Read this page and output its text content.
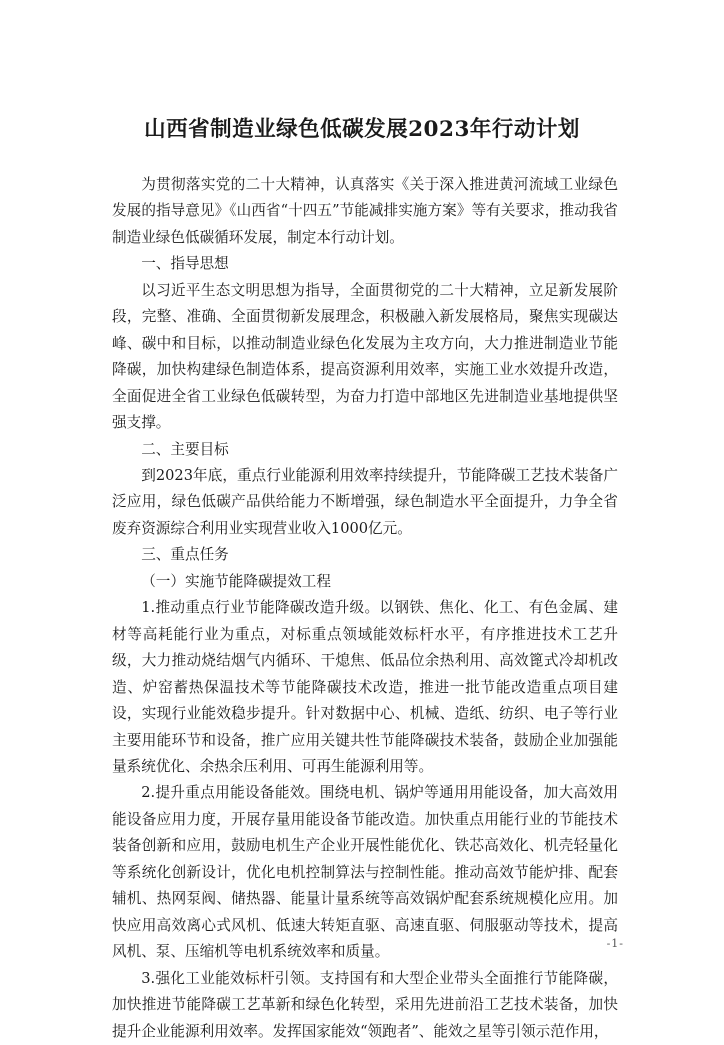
山西省制造业绿色低碳发展2023年行动计划

为贯彻落实党的二十大精神，认真落实《关于深入推进黄河流域工业绿色发展的指导意见》《山西省“十四五”节能减排实施方案》等有关要求，推动我省制造业绿色低碳循环发展，制定本行动计划。

一、指导思想

以习近平生态文明思想为指导，全面贯彻党的二十大精神，立足新发展阶段，完整、准确、全面贯彻新发展理念，积极融入新发展格局，聚焦实现碳达峰、碳中和目标，以推动制造业绿色化发展为主攻方向，大力推进制造业节能降碳，加快构建绿色制造体系，提高资源利用效率，实施工业水效提升改造，全面促进全省工业绿色低碳转型，为奋力打造中部地区先进制造业基地提供坚强支撑。

二、主要目标

到2023年底，重点行业能源利用效率持续提升，节能降碳工艺技术装备广泛应用，绿色低碳产品供给能力不断增强，绿色制造水平全面提升，力争全省废弃资源综合利用业实现营业收入1000亿元。

三、重点任务

（一）实施节能降碳提效工程

1.推动重点行业节能降碳改造升级。以钢铁、焦化、化工、有色金属、建材等高耗能行业为重点，对标重点领域能效标杆水平，有序推进技术工艺升级，大力推动烧结烟气内循环、干熄焦、低品位余热利用、高效篦式冷却机改造、炉窑蓄热保温技术等节能降碳技术改造，推进一批节能改造重点项目建设，实现行业能效稳步提升。针对数据中心、机械、造纸、纺织、电子等行业主要用能环节和设备，推广应用关键共性节能降碳技术装备，鼓励企业加强能量系统优化、余热余压利用、可再生能源利用等。

2.提升重点用能设备能效。围绕电机、锅炉等通用用能设备，加大高效用能设备应用力度，开展存量用能设备节能改造。加快重点用能行业的节能技术装备创新和应用，鼓励电机生产企业开展性能优化、铁芯高效化、机壳轻量化等系统化创新设计，优化电机控制算法与控制性能。推动高效节能炉排、配套辅机、热网泵阀、储热器、能量计量系统等高效锅炉配套系统规模化应用。加快应用高效离心式风机、低速大转矩直驱、高速直驱、伺服驱动等技术，提高风机、泵、压缩机等电机系统效率和质量。

3.强化工业能效标杆引领。支持国有和大型企业带头全面推行节能降碳，加快推进节能降碳工艺革新和绿色化转型，采用先进前沿工艺技术装备，加快提升企业能源利用效率。发挥国家能效“领跑者”、能效之星等引领示范作用，

-1-
